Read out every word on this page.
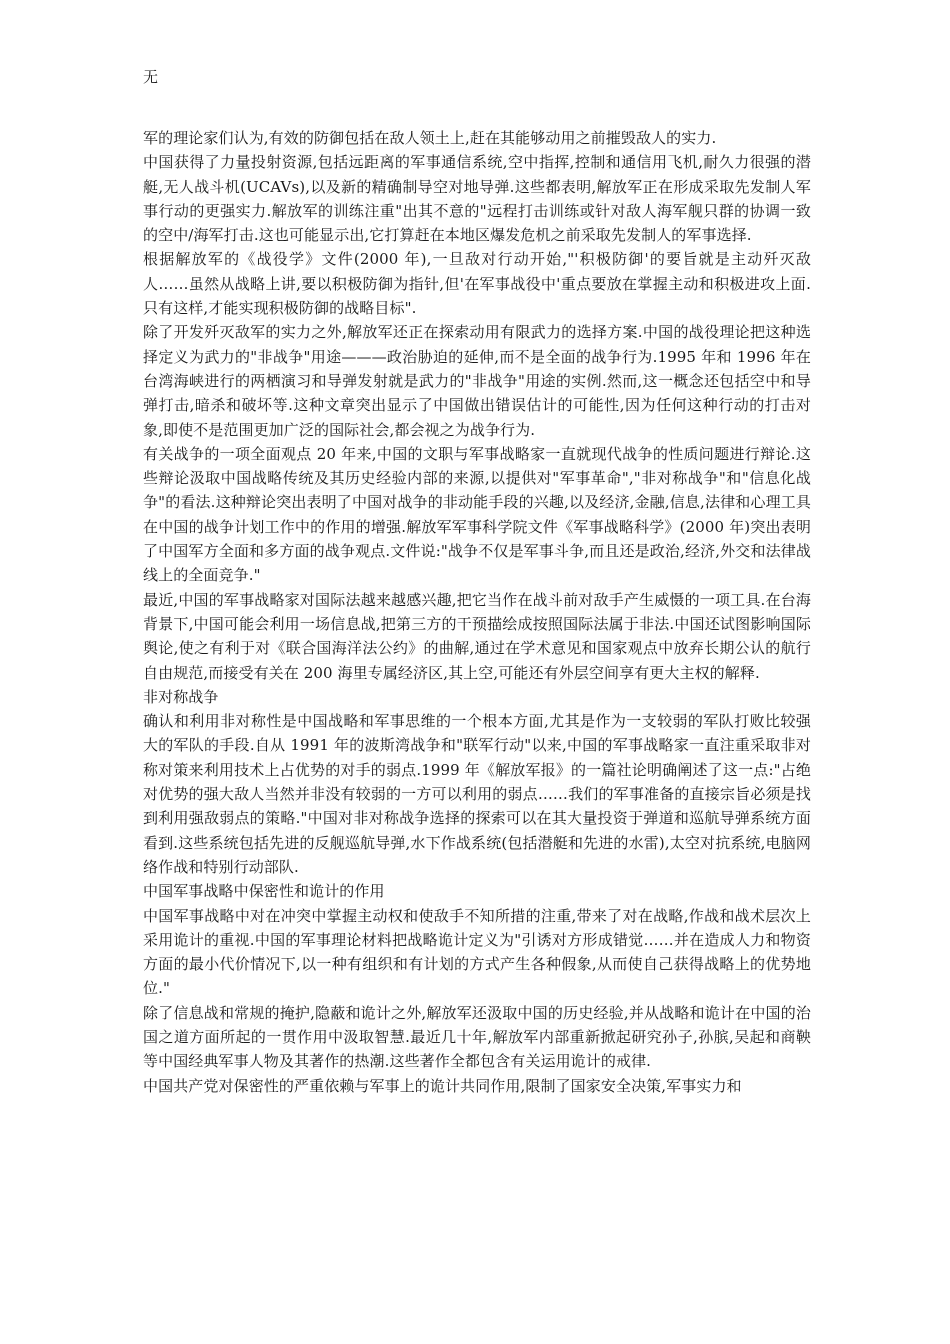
无

军的理论家们认为,有效的防御包括在敌人领土上,赶在其能够动用之前摧毁敌人的实力.

中国获得了力量投射资源,包括远距离的军事通信系统,空中指挥,控制和通信用飞机,耐久力很强的潜艇,无人战斗机(UCAVs),以及新的精确制导空对地导弹.这些都表明,解放军正在形成采取先发制人军事行动的更强实力.解放军的训练注重"出其不意的"远程打击训练或针对敌人海军舰只群的协调一致的空中/海军打击.这也可能显示出,它打算赶在本地区爆发危机之前采取先发制人的军事选择.

根据解放军的《战役学》文件(2000 年),一旦敌对行动开始,"'积极防御'的要旨就是主动歼灭敌人……虽然从战略上讲,要以积极防御为指针,但'在军事战役中'重点要放在掌握主动和积极进攻上面.只有这样,才能实现积极防御的战略目标".

除了开发歼灭敌军的实力之外,解放军还正在探索动用有限武力的选择方案.中国的战役理论把这种选择定义为武力的"非战争"用途———政治胁迫的延伸,而不是全面的战争行为.1995 年和 1996 年在台湾海峡进行的两栖演习和导弹发射就是武力的"非战争"用途的实例.然而,这一概念还包括空中和导弹打击,暗杀和破坏等.这种文章突出显示了中国做出错误估计的可能性,因为任何这种行动的打击对象,即使不是范围更加广泛的国际社会,都会视之为战争行为.

有关战争的一项全面观点 20 年来,中国的文职与军事战略家一直就现代战争的性质问题进行辩论.这些辩论汲取中国战略传统及其历史经验内部的来源,以提供对"军事革命","非对称战争"和"信息化战争"的看法.这种辩论突出表明了中国对战争的非动能手段的兴趣,以及经济,金融,信息,法律和心理工具在中国的战争计划工作中的作用的增强.解放军军事科学院文件《军事战略科学》(2000 年)突出表明了中国军方全面和多方面的战争观点.文件说:"战争不仅是军事斗争,而且还是政治,经济,外交和法律战线上的全面竞争."

最近,中国的军事战略家对国际法越来越感兴趣,把它当作在战斗前对敌手产生威慑的一项工具.在台海背景下,中国可能会利用一场信息战,把第三方的干预描绘成按照国际法属于非法.中国还试图影响国际舆论,使之有利于对《联合国海洋法公约》的曲解,通过在学术意见和国家观点中放弃长期公认的航行自由规范,而接受有关在 200 海里专属经济区,其上空,可能还有外层空间享有更大主权的解释.

非对称战争

确认和利用非对称性是中国战略和军事思维的一个根本方面,尤其是作为一支较弱的军队打败比较强大的军队的手段.自从 1991 年的波斯湾战争和"联军行动"以来,中国的军事战略家一直注重采取非对称对策来利用技术上占优势的对手的弱点.1999 年《解放军报》的一篇社论明确阐述了这一点:"占绝对优势的强大敌人当然并非没有较弱的一方可以利用的弱点……我们的军事准备的直接宗旨必须是找到利用强敌弱点的策略."中国对非对称战争选择的探索可以在其大量投资于弹道和巡航导弹系统方面看到.这些系统包括先进的反舰巡航导弹,水下作战系统(包括潜艇和先进的水雷),太空对抗系统,电脑网络作战和特别行动部队.

中国军事战略中保密性和诡计的作用

中国军事战略中对在冲突中掌握主动权和使敌手不知所措的注重,带来了对在战略,作战和战术层次上采用诡计的重视.中国的军事理论材料把战略诡计定义为"引诱对方形成错觉……并在造成人力和物资方面的最小代价情况下,以一种有组织和有计划的方式产生各种假象,从而使自己获得战略上的优势地位."

除了信息战和常规的掩护,隐蔽和诡计之外,解放军还汲取中国的历史经验,并从战略和诡计在中国的治国之道方面所起的一贯作用中汲取智慧.最近几十年,解放军内部重新掀起研究孙子,孙膑,吴起和商鞅等中国经典军事人物及其著作的热潮.这些著作全都包含有关运用诡计的戒律.

中国共产党对保密性的严重依赖与军事上的诡计共同作用,限制了国家安全决策,军事实力和
